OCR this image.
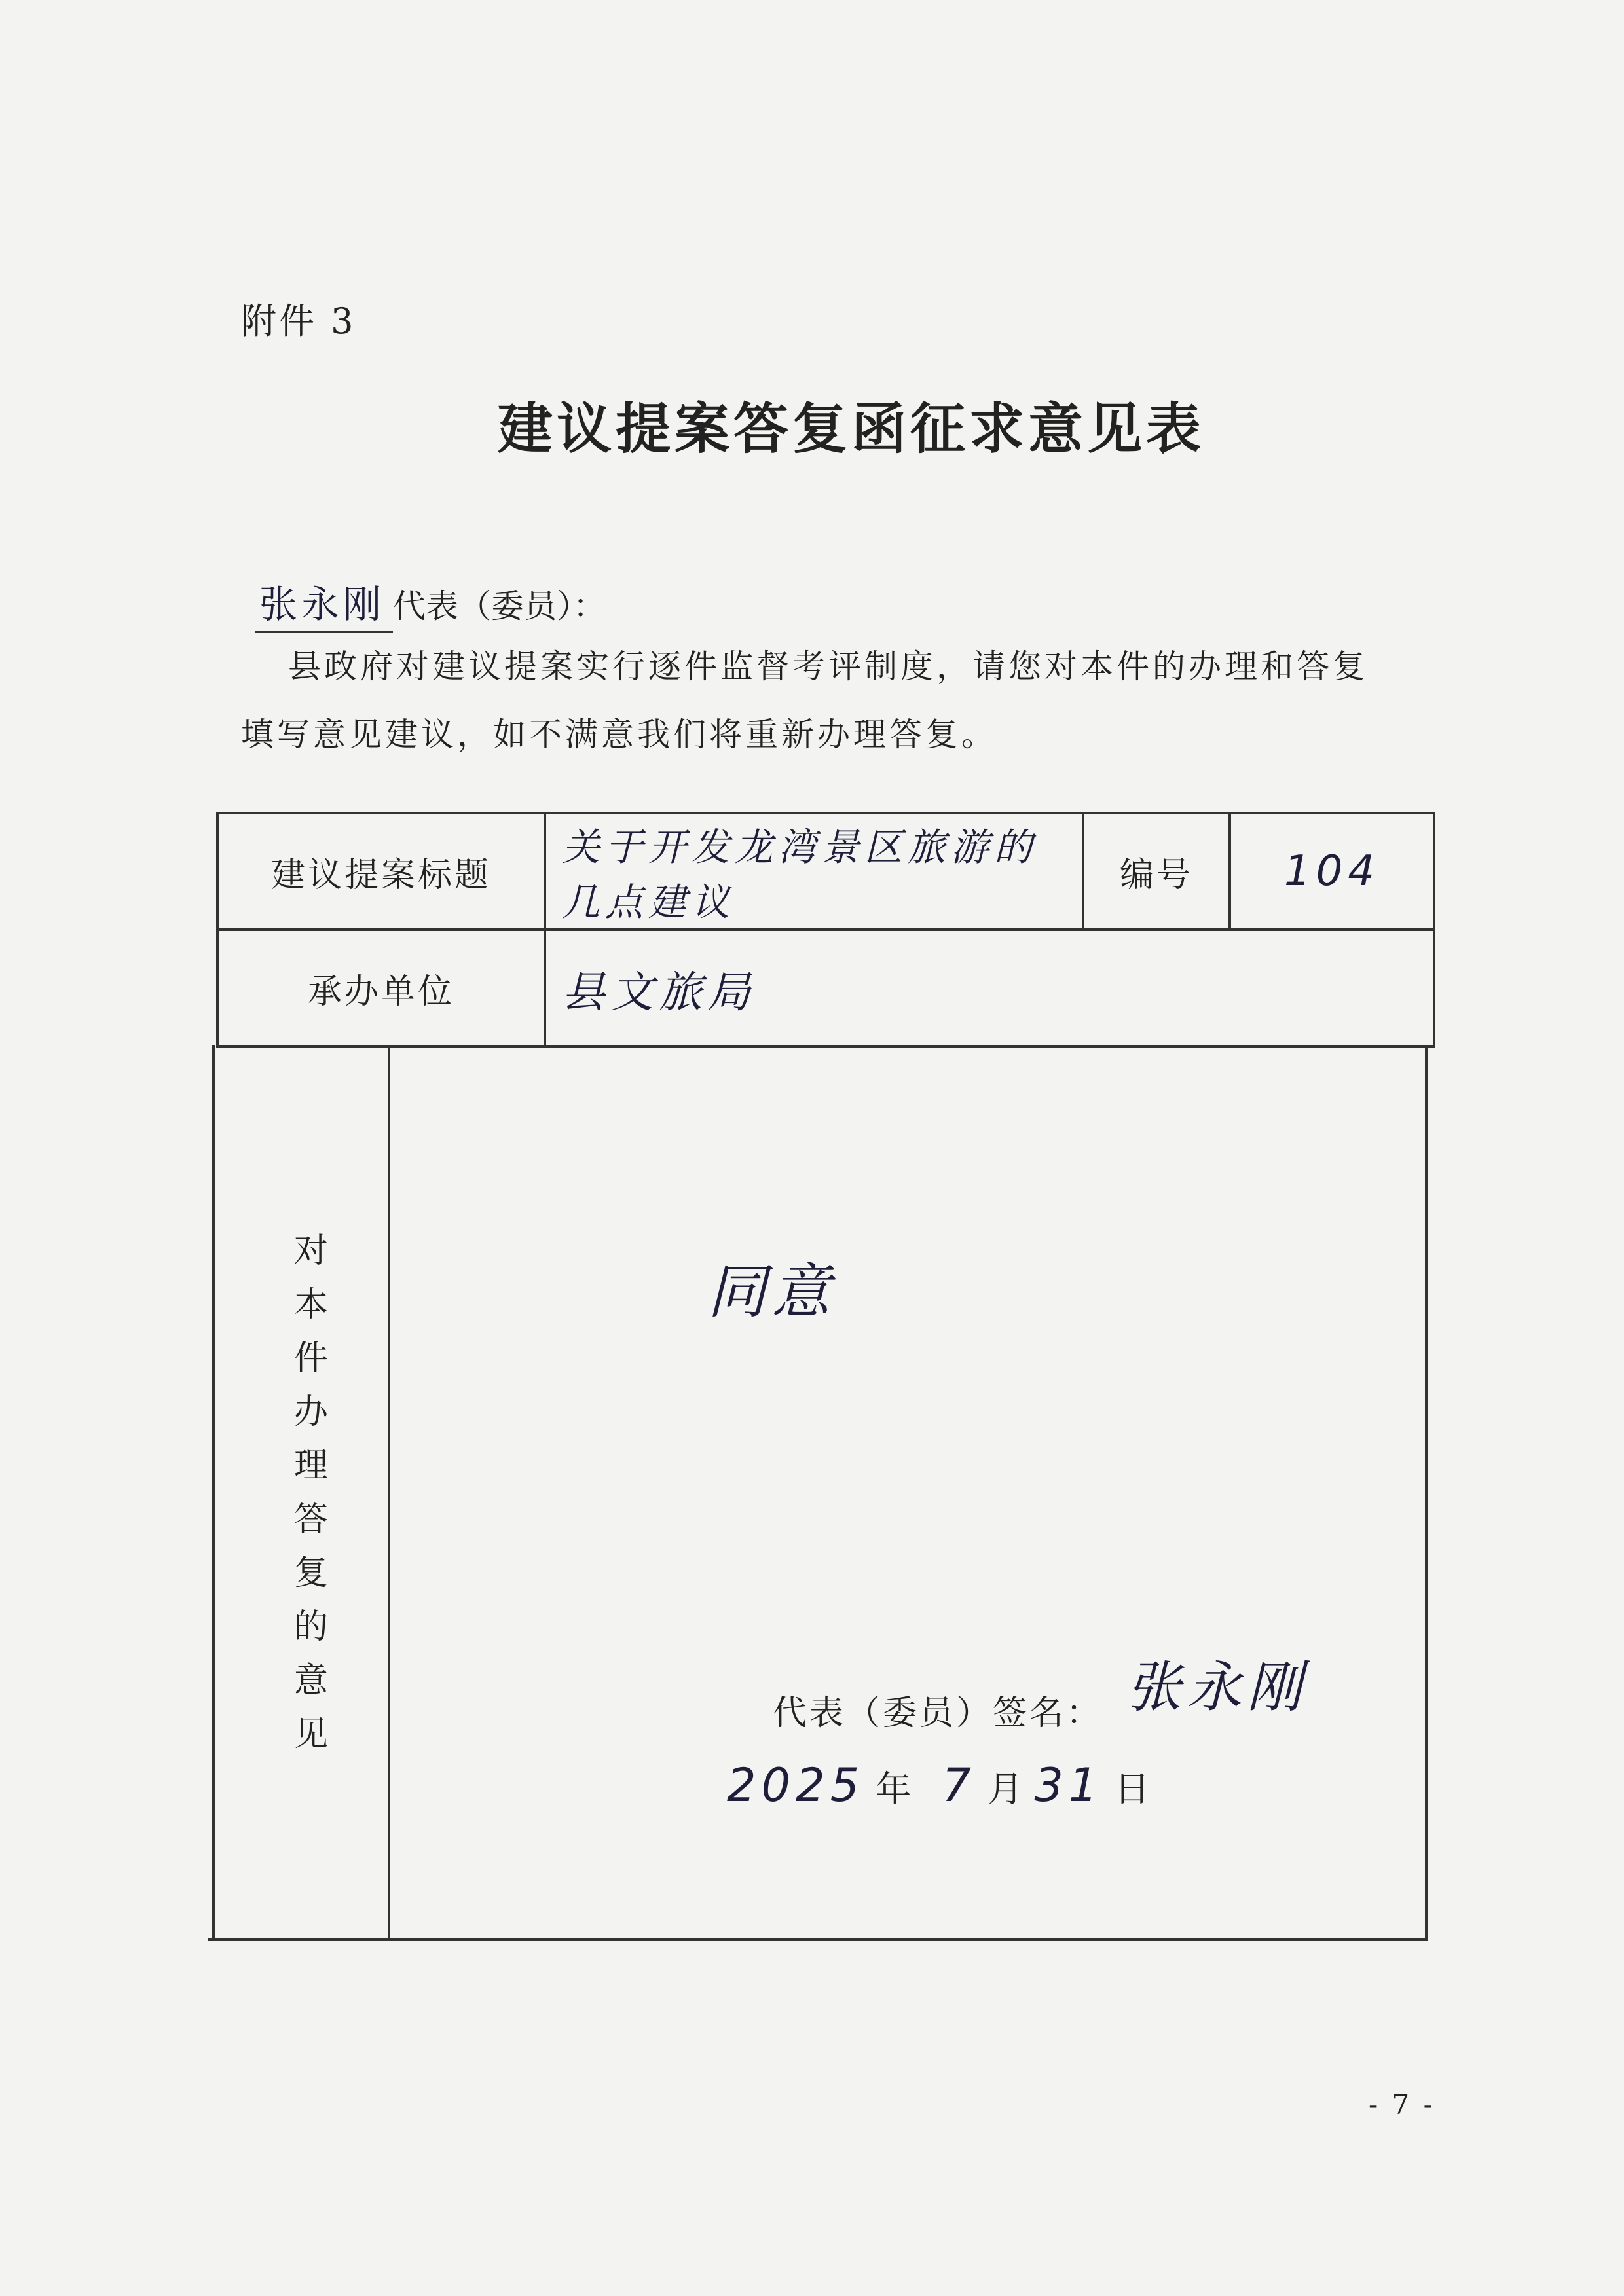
附件 3
建议提案答复函征求意见表
张永刚 代表（委员）：
县政府对建议提案实行逐件监督考评制度，请您对本件的办理和答复
填写意见建议，如不满意我们将重新办理答复。
建议提案标题
关于开发龙湾景区旅游的
几点建议
编号	104
承办单位	县文旅局
对
本
件
办
理
答
复
的
意
见
同意
代表（委员）签名： 张永刚
2025 年 7 月 31 日
- 7 -
